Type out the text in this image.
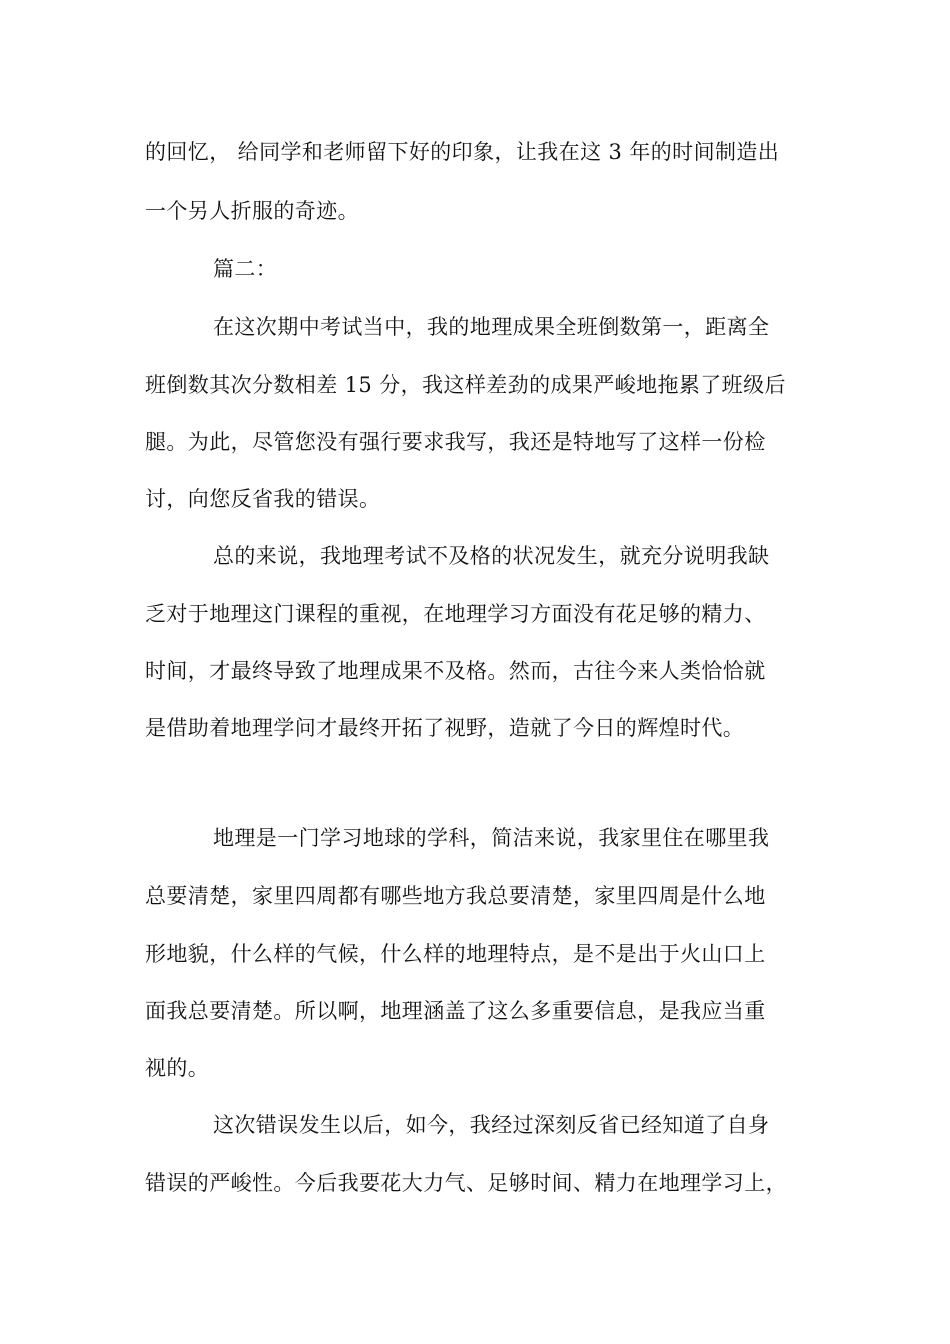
的回忆， 给同学和老师留下好的印象，让我在这 3 年的时间制造出
一个另人折服的奇迹。
篇二：
在这次期中考试当中，我的地理成果全班倒数第一，距离全
班倒数其次分数相差 15 分，我这样差劲的成果严峻地拖累了班级后
腿。为此，尽管您没有强行要求我写，我还是特地写了这样一份检
讨，向您反省我的错误。
总的来说，我地理考试不及格的状况发生，就充分说明我缺
乏对于地理这门课程的重视，在地理学习方面没有花足够的精力、
时间，才最终导致了地理成果不及格。然而，古往今来人类恰恰就
是借助着地理学问才最终开拓了视野，造就了今日的辉煌时代。
地理是一门学习地球的学科，简洁来说，我家里住在哪里我
总要清楚，家里四周都有哪些地方我总要清楚，家里四周是什么地
形地貌，什么样的气候，什么样的地理特点，是不是出于火山口上
面我总要清楚。所以啊，地理涵盖了这么多重要信息，是我应当重
视的。
这次错误发生以后，如今，我经过深刻反省已经知道了自身
错误的严峻性。今后我要花大力气、足够时间、精力在地理学习上，
